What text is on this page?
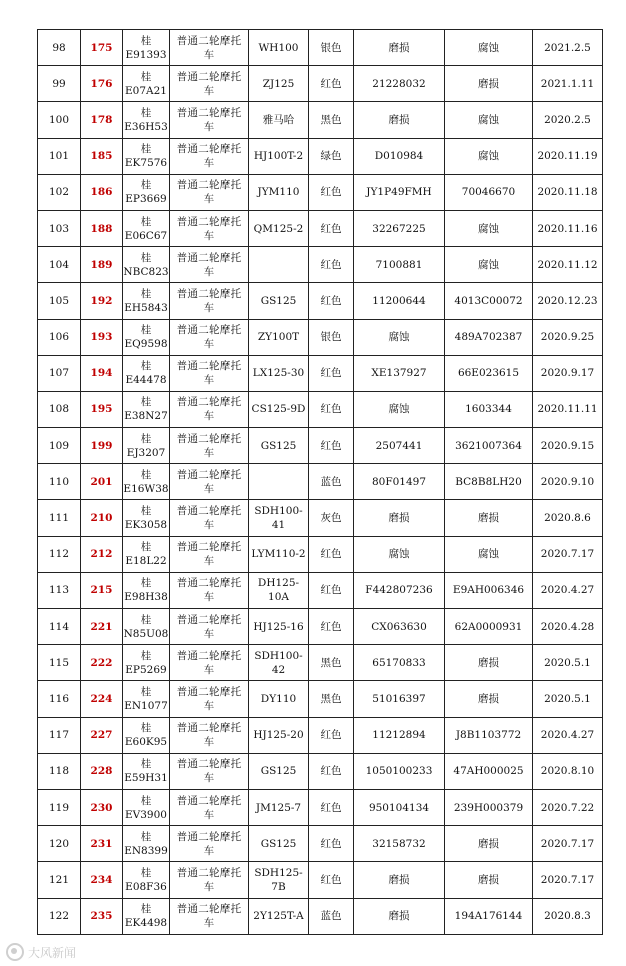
98	175	桂
E91393	普通二轮摩托
车	WH100	银色	磨损	腐蚀	2021.2.5
99	176	桂
E07A21	普通二轮摩托
车	ZJ125	红色	21228032	磨损	2021.1.11
100	178	桂
E36H53	普通二轮摩托
车	雅马哈	黑色	磨损	腐蚀	2020.2.5
101	185	桂
EK7576	普通二轮摩托
车	HJ100T-2	绿色	D010984	腐蚀	2020.11.19
102	186	桂
EP3669	普通二轮摩托
车	JYM110	红色	JY1P49FMH	70046670	2020.11.18
103	188	桂
E06C67	普通二轮摩托
车	QM125-2	红色	32267225	腐蚀	2020.11.16
104	189	桂
NBC823	普通二轮摩托
车		红色	7100881	腐蚀	2020.11.12
105	192	桂
EH5843	普通二轮摩托
车	GS125	红色	11200644	4013C00072	2020.12.23
106	193	桂
EQ9598	普通二轮摩托
车	ZY100T	银色	腐蚀	489A702387	2020.9.25
107	194	桂
E44478	普通二轮摩托
车	LX125-30	红色	XE137927	66E023615	2020.9.17
108	195	桂
E38N27	普通二轮摩托
车	CS125-9D	红色	腐蚀	1603344	2020.11.11
109	199	桂EJ3207	普通二轮摩托
车	GS125	红色	2507441	3621007364	2020.9.15
110	201	桂
E16W38	普通二轮摩托
车		蓝色	80F01497	BC8B8LH20	2020.9.10
111	210	桂
EK3058	普通二轮摩托
车	SDH100-41	灰色	磨损	磨损	2020.8.6
112	212	桂
E18L22	普通二轮摩托
车	LYM110-2	红色	腐蚀	腐蚀	2020.7.17
113	215	桂
E98H38	普通二轮摩托
车	DH125-10A	红色	F442807236	E9AH006346	2020.4.27
114	221	桂
N85U08	普通二轮摩托
车	HJ125-16	红色	CX063630	62A0000931	2020.4.28
115	222	桂
EP5269	普通二轮摩托
车	SDH100-42	黑色	65170833	磨损	2020.5.1
116	224	桂
EN1077	普通二轮摩托
车	DY110	黑色	51016397	磨损	2020.5.1
117	227	桂
E60K95	普通二轮摩托
车	HJ125-20	红色	11212894	J8B1103772	2020.4.27
118	228	桂
E59H31	普通二轮摩托
车	GS125	红色	1050100233	47AH000025	2020.8.10
119	230	桂
EV3900	普通二轮摩托
车	JM125-7	红色	950104134	239H000379	2020.7.22
120	231	桂
EN8399	普通二轮摩托
车	GS125	红色	32158732	磨损	2020.7.17
121	234	桂
E08F36	普通二轮摩托
车	SDH125-7B	红色	磨损	磨损	2020.7.17
122	235	桂
EK4498	普通二轮摩托
车	2Y125T-A	蓝色	磨损	194A176144	2020.8.3
大风新闻
